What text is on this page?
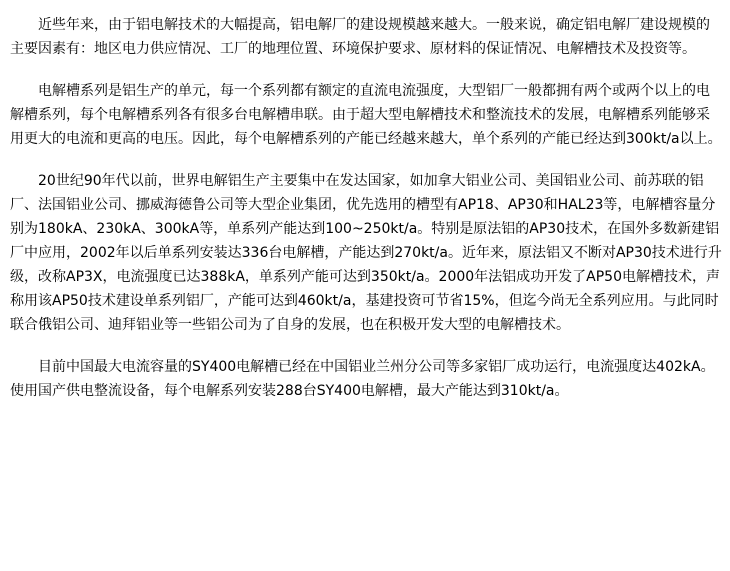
近些年来，由于铝电解技术的大幅提高，铝电解厂的建设规模越来越大。一般来说，确定铝电解厂建设规模的主要因素有：地区电力供应情况、工厂的地理位置、环境保护要求、原材料的保证情况、电解槽技术及投资等。

电解槽系列是铝生产的单元，每一个系列都有额定的直流电流强度，大型铝厂一般都拥有两个或两个以上的电解槽系列，每个电解槽系列各有很多台电解槽串联。由于超大型电解槽技术和整流技术的发展，电解槽系列能够采用更大的电流和更高的电压。因此，每个电解槽系列的产能已经越来越大，单个系列的产能已经达到300kt/a以上。

20世纪90年代以前，世界电解铝生产主要集中在发达国家，如加拿大铝业公司、美国铝业公司、前苏联的铝厂、法国铝业公司、挪威海德鲁公司等大型企业集团，优先选用的槽型有AP18、AP30和HAL23等，电解槽容量分别为180kA、230kA、300kA等，单系列产能达到100~250kt/a。特别是原法铝的AP30技术，在国外多数新建铝厂中应用，2002年以后单系列安装达336台电解槽，产能达到270kt/a。近年来，原法铝又不断对AP30技术进行升级，改称AP3X，电流强度已达388kA，单系列产能可达到350kt/a。2000年法铝成功开发了AP50电解槽技术，声称用该AP50技术建设单系列铝厂，产能可达到460kt/a，基建投资可节省15%，但迄今尚无全系列应用。与此同时联合俄铝公司、迪拜铝业等一些铝公司为了自身的发展，也在积极开发大型的电解槽技术。

目前中国最大电流容量的SY400电解槽已经在中国铝业兰州分公司等多家铝厂成功运行，电流强度达402kA。使用国产供电整流设备，每个电解系列安装288台SY400电解槽，最大产能达到310kt/a。
